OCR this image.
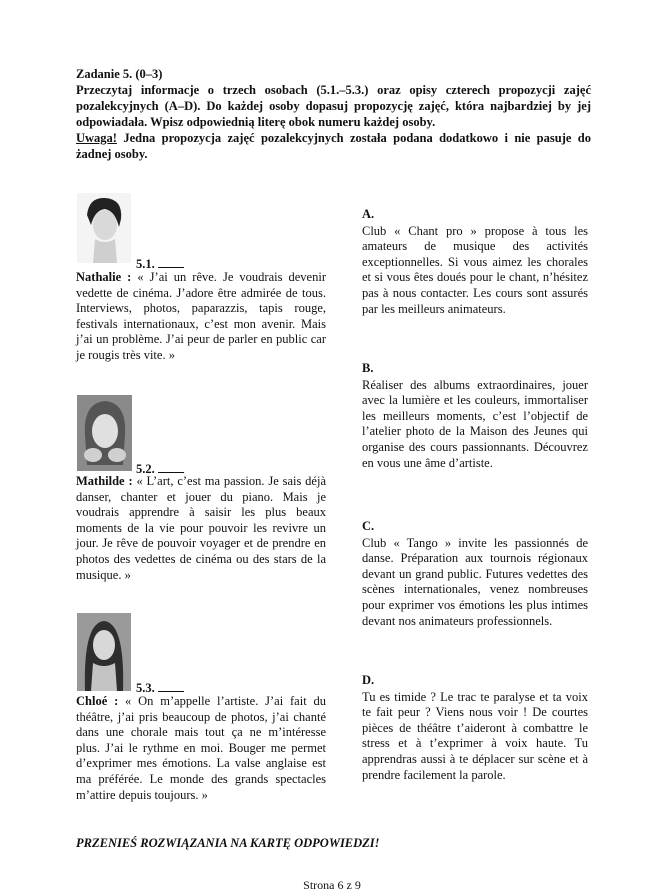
Zadanie 5. (0–3)

Przeczytaj informacje o trzech osobach (5.1.–5.3.) oraz opisy czterech propozycji zajęć pozalekcyjnych (A–D). Do każdej osoby dopasuj propozycję zajęć, która najbardziej by jej odpowiadała. Wpisz odpowiednią literę obok numeru każdej osoby.

Uwaga! Jedna propozycja zajęć pozalekcyjnych została podana dodatkowo i nie pasuje do żadnej osoby.

5.1.
Nathalie : « J’ai un rêve. Je voudrais devenir vedette de cinéma. J’adore être admirée de tous. Interviews, photos, paparazzis, tapis rouge, festivals internationaux, c’est mon avenir. Mais j’ai un problème. J’ai peur de parler en public car je rougis très vite. »
5.2.
Mathilde : « L’art, c’est ma passion. Je sais déjà danser, chanter et jouer du piano. Mais je voudrais apprendre à saisir les plus beaux moments de la vie pour pouvoir les revivre un jour. Je rêve de pouvoir voyager et de prendre en photos des vedettes de cinéma ou des stars de la musique. »
5.3.
Chloé : « On m’appelle l’artiste. J’ai fait du théâtre, j’ai pris beaucoup de photos, j’ai chanté dans une chorale mais tout ça ne m’intéresse plus. J’ai le rythme en moi. Bouger me permet d’exprimer mes émotions. La valse anglaise est ma préférée. Le monde des grands spectacles m’attire depuis toujours. »
A.
Club « Chant pro » propose à tous les amateurs de musique des activités exceptionnelles. Si vous aimez les chorales et si vous êtes doués pour le chant, n’hésitez pas à nous contacter. Les cours sont assurés par les meilleurs animateurs.
B.
Réaliser des albums extraordinaires, jouer avec la lumière et les couleurs, immortaliser les meilleurs moments, c’est l’objectif de l’atelier photo de la Maison des Jeunes qui organise des cours passionnants. Découvrez en vous une âme d’artiste.
C.
Club « Tango » invite les passionnés de danse. Préparation aux tournois régionaux devant un grand public. Futures vedettes des scènes internationales, venez nombreuses pour exprimer vos émotions les plus intimes devant nos animateurs professionnels.
D.
Tu es timide ? Le trac te paralyse et ta voix te fait peur ? Viens nous voir ! De courtes pièces de théâtre t’aideront à combattre le stress et à t’exprimer à voix haute. Tu apprendras aussi à te déplacer sur scène et à prendre facilement la parole.
PRZENIEŚ ROZWIĄZANIA NA KARTĘ ODPOWIEDZI!
Strona 6 z 9
